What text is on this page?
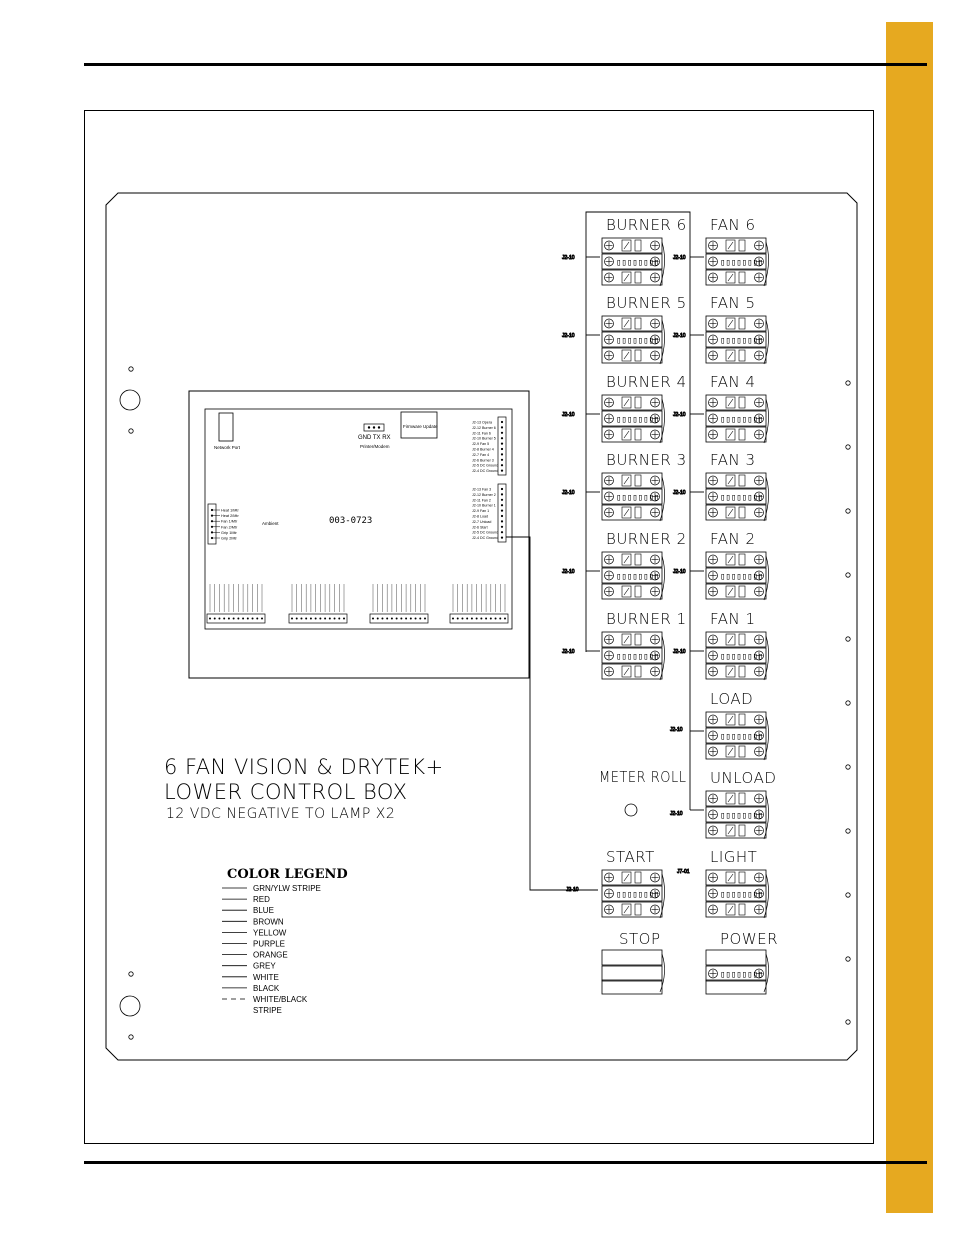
Network Port
GND TX RX
Printer/Modem
Firmware Update
003-0723
Ambient
Heat 1/Mtr
Heat 2/Mtr
Fan 1/Mtr
Fan 2/Mtr
Grip 1Mtr
Grip 2Mtr
J2-13 Opera
J2-12 Burner 6
J2-11 Fan 6
J2-10 Burner 5
J2-9 Fan 5
J2-8 Burner 4
J2-7 Fan 4
J2-6 Burner 3
J2-5 DC Ground
J2-4 DC Ground
J2-13 Fan 3
J2-12 Burner 2
J2-11 Fan 2
J2-10 Burner 1
J2-9 Fan 1
J2-8 Load
J2-7 Unload
J2-6 Start
J2-5 DC Ground
J2-4 DC Ground
J2-10	J2-10
J2-10	J2-10
J2-10	J2-10
J2-10	J2-10
J2-10	J2-10
J2-10	J2-10
J2-10
J2-10
J2-10
J7-01
BURNER 6
▯▯▯▯▯▯▯▯
FAN 6
▯▯▯▯▯▯▯▯
BURNER 5
▯▯▯▯▯▯▯▯
FAN 5
▯▯▯▯▯▯▯▯
BURNER 4
▯▯▯▯▯▯▯▯
FAN 4
▯▯▯▯▯▯▯▯
BURNER 3
▯▯▯▯▯▯▯▯
FAN 3
▯▯▯▯▯▯▯▯
BURNER 2
▯▯▯▯▯▯▯▯
FAN 2
▯▯▯▯▯▯▯▯
BURNER 1
▯▯▯▯▯▯▯▯
FAN 1
▯▯▯▯▯▯▯▯
LOAD
▯▯▯▯▯▯▯▯
UNLOAD
▯▯▯▯▯▯▯▯
START
▯▯▯▯▯▯▯▯
LIGHT
▯▯▯▯▯▯▯▯
STOP	POWER
▯▯▯▯▯▯▯▯
METER ROLL
6 FAN VISION & DRYTEK+
LOWER CONTROL BOX
12 VDC NEGATIVE TO LAMP X2
COLOR LEGEND
GRN/YLW STRIPE
RED
BLUE
BROWN
YELLOW
PURPLE
ORANGE
GREY
WHITE
BLACK
WHITE/BLACK
STRIPE
